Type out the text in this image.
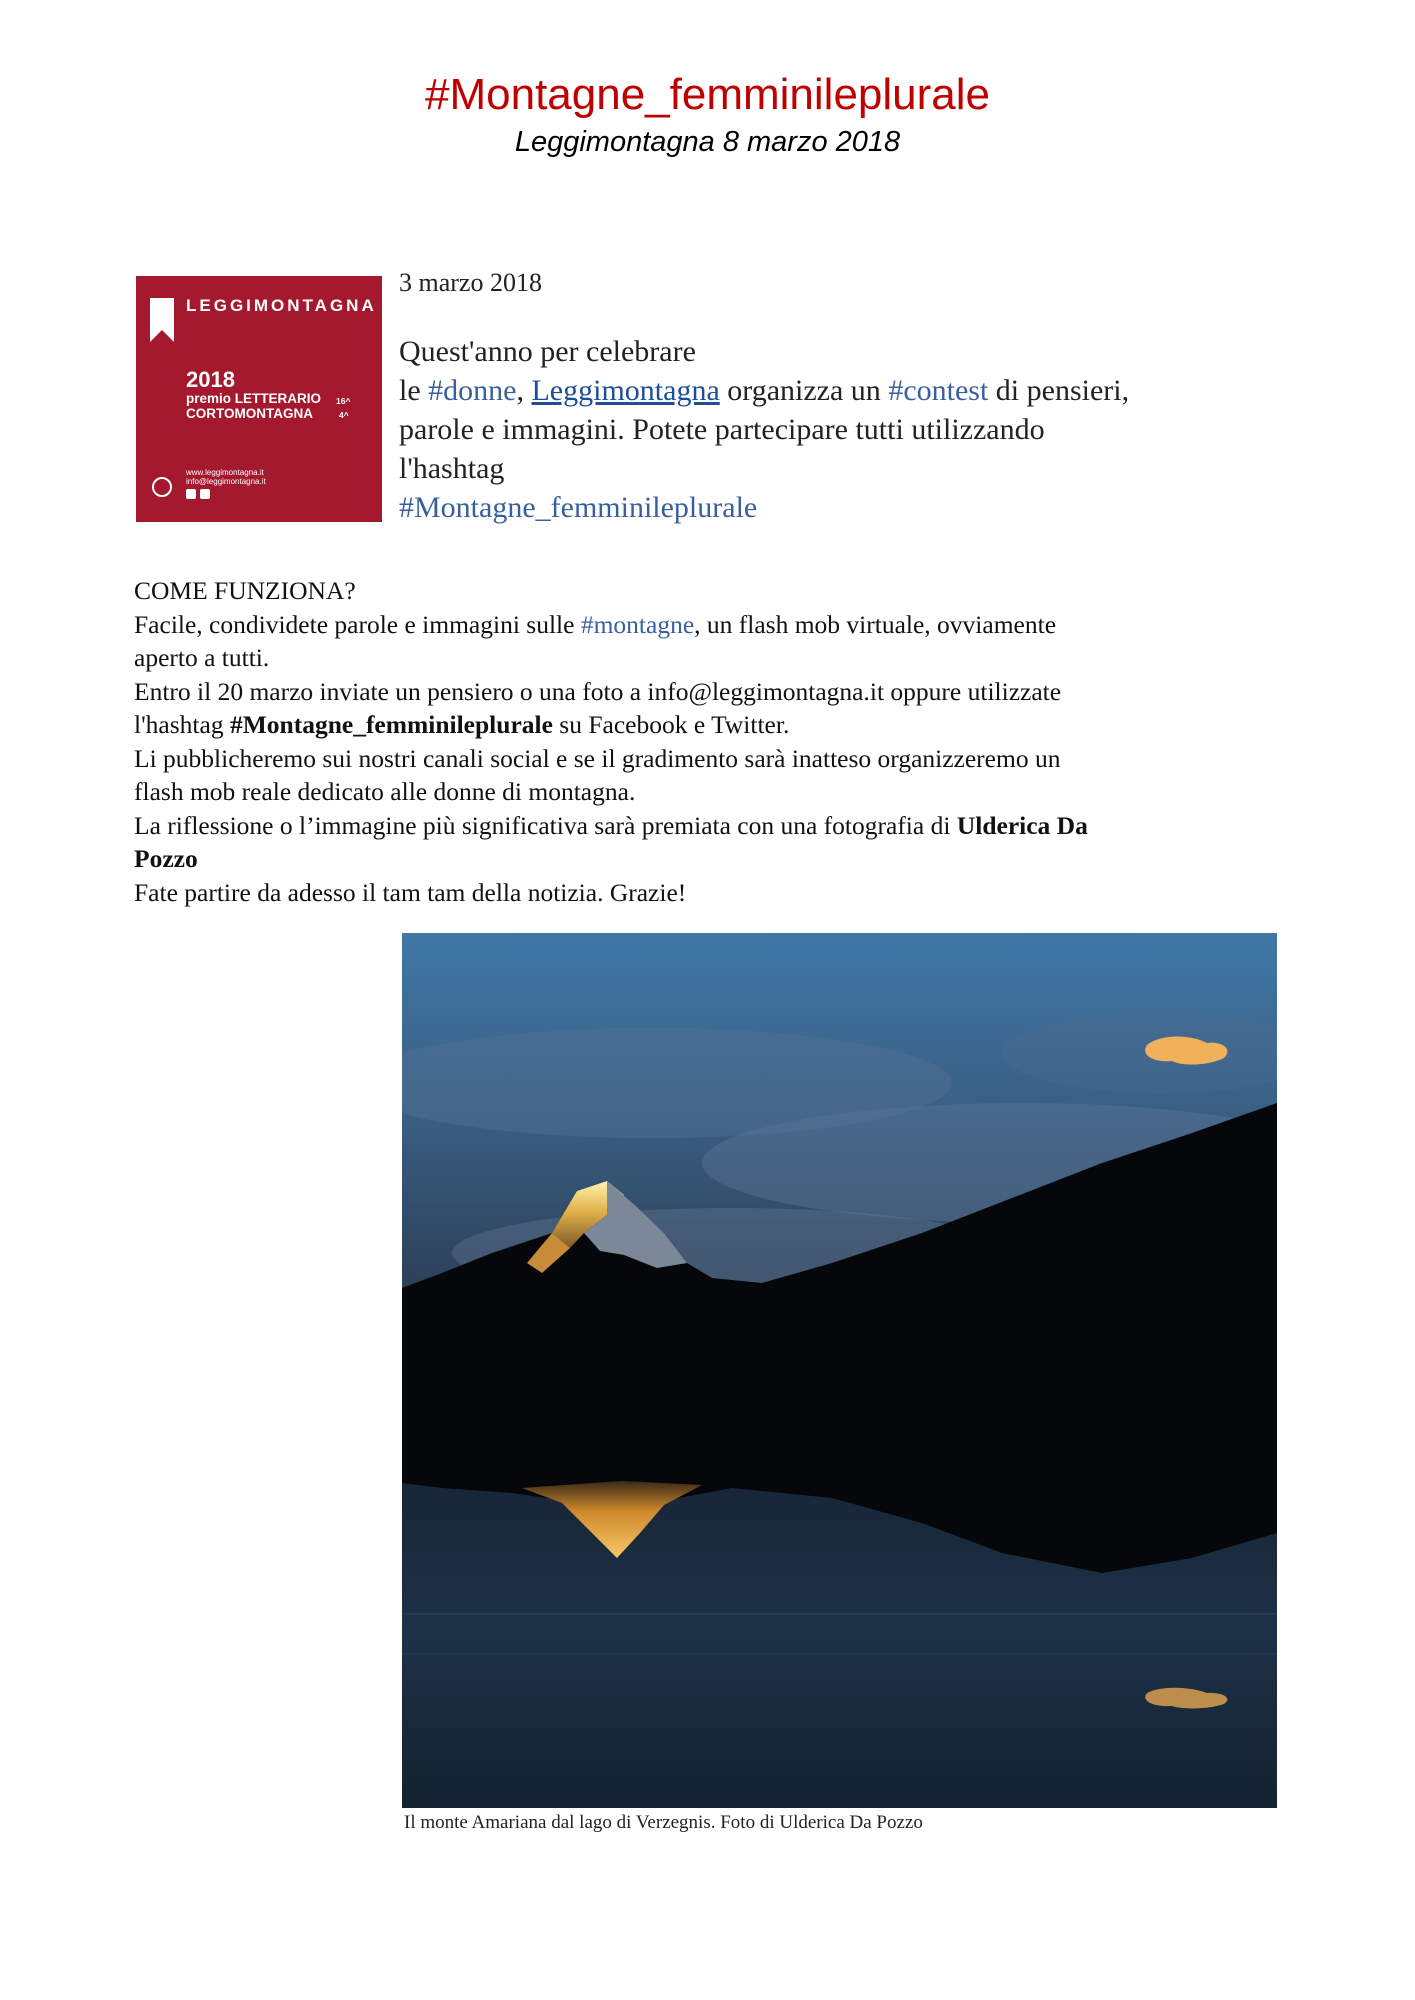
#Montagne_femminileplurale
Leggimontagna 8 marzo 2018
LEGGIMONTAGNA
2018
premio LETTERARIO 16^
CORTOMONTAGNA	4^
www.leggimontagna.it
info@leggimontagna.it
3 marzo 2018
Quest'anno per celebrare
le #donne, Leggimontagna organizza un #contest di pensieri,
parole e immagini. Potete partecipare tutti utilizzando
l'hashtag
#Montagne_femminileplurale
COME FUNZIONA?
Facile, condividete parole e immagini sulle #montagne, un flash mob virtuale, ovviamente
aperto a tutti.
Entro il 20 marzo inviate un pensiero o una foto a info@leggimontagna.it oppure utilizzate
l'hashtag #Montagne_femminileplurale su Facebook e Twitter.
Li pubblicheremo sui nostri canali social e se il gradimento sarà inatteso organizzeremo un
flash mob reale dedicato alle donne di montagna.
La riflessione o l’immagine più significativa sarà premiata con una fotografia di Ulderica Da
Pozzo
Fate partire da adesso il tam tam della notizia. Grazie!
Il monte Amariana dal lago di Verzegnis. Foto di Ulderica Da Pozzo
